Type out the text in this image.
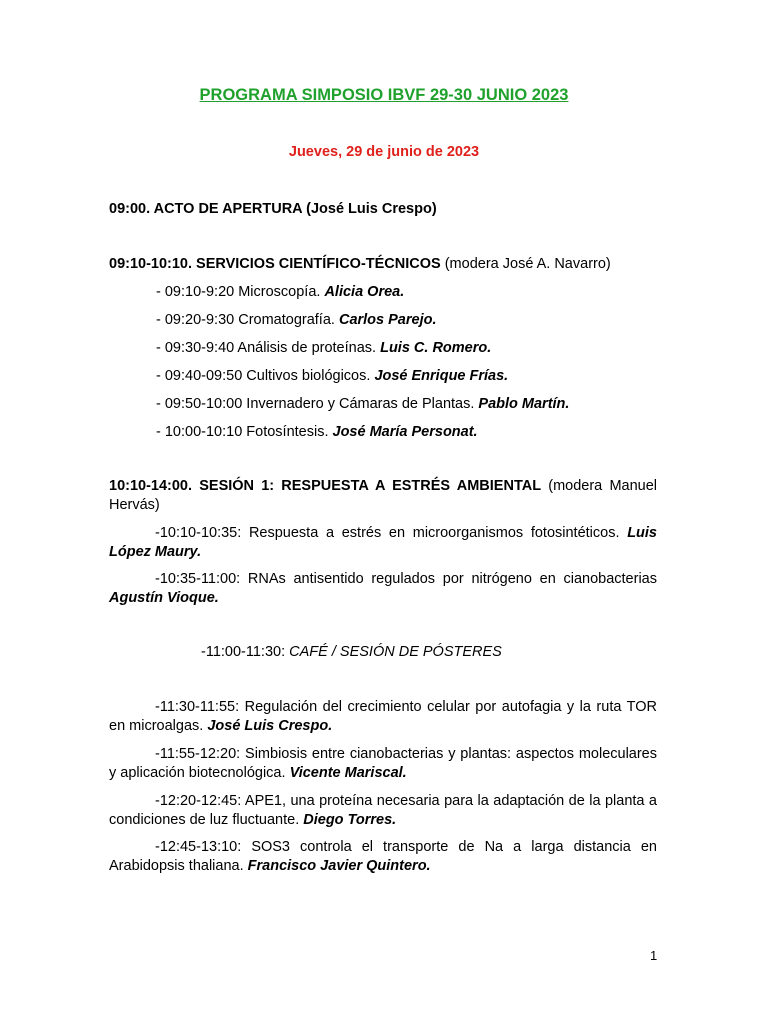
PROGRAMA SIMPOSIO IBVF 29-30 JUNIO 2023
Jueves, 29 de junio de 2023
09:00. ACTO DE APERTURA (José Luis Crespo)
09:10-10:10. SERVICIOS CIENTÍFICO-TÉCNICOS (modera José A. Navarro)
- 09:10-9:20 Microscopía. Alicia Orea.
- 09:20-9:30 Cromatografía. Carlos Parejo.
- 09:30-9:40 Análisis de proteínas. Luis C. Romero.
- 09:40-09:50 Cultivos biológicos. José Enrique Frías.
- 09:50-10:00 Invernadero y Cámaras de Plantas. Pablo Martín.
- 10:00-10:10 Fotosíntesis. José María Personat.
10:10-14:00. SESIÓN 1: RESPUESTA A ESTRÉS AMBIENTAL (modera Manuel Hervás)
-10:10-10:35: Respuesta a estrés en microorganismos fotosintéticos. Luis López Maury.
-10:35-11:00: RNAs antisentido regulados por nitrógeno en cianobacterias Agustín Vioque.
-11:00-11:30: CAFÉ / SESIÓN DE PÓSTERES
-11:30-11:55: Regulación del crecimiento celular por autofagia y la ruta TOR en microalgas. José Luis Crespo.
-11:55-12:20: Simbiosis entre cianobacterias y plantas: aspectos moleculares y aplicación biotecnológica. Vicente Mariscal.
-12:20-12:45: APE1, una proteína necesaria para la adaptación de la planta a condiciones de luz fluctuante. Diego Torres.
-12:45-13:10: SOS3 controla el transporte de Na a larga distancia en Arabidopsis thaliana. Francisco Javier Quintero.
1
